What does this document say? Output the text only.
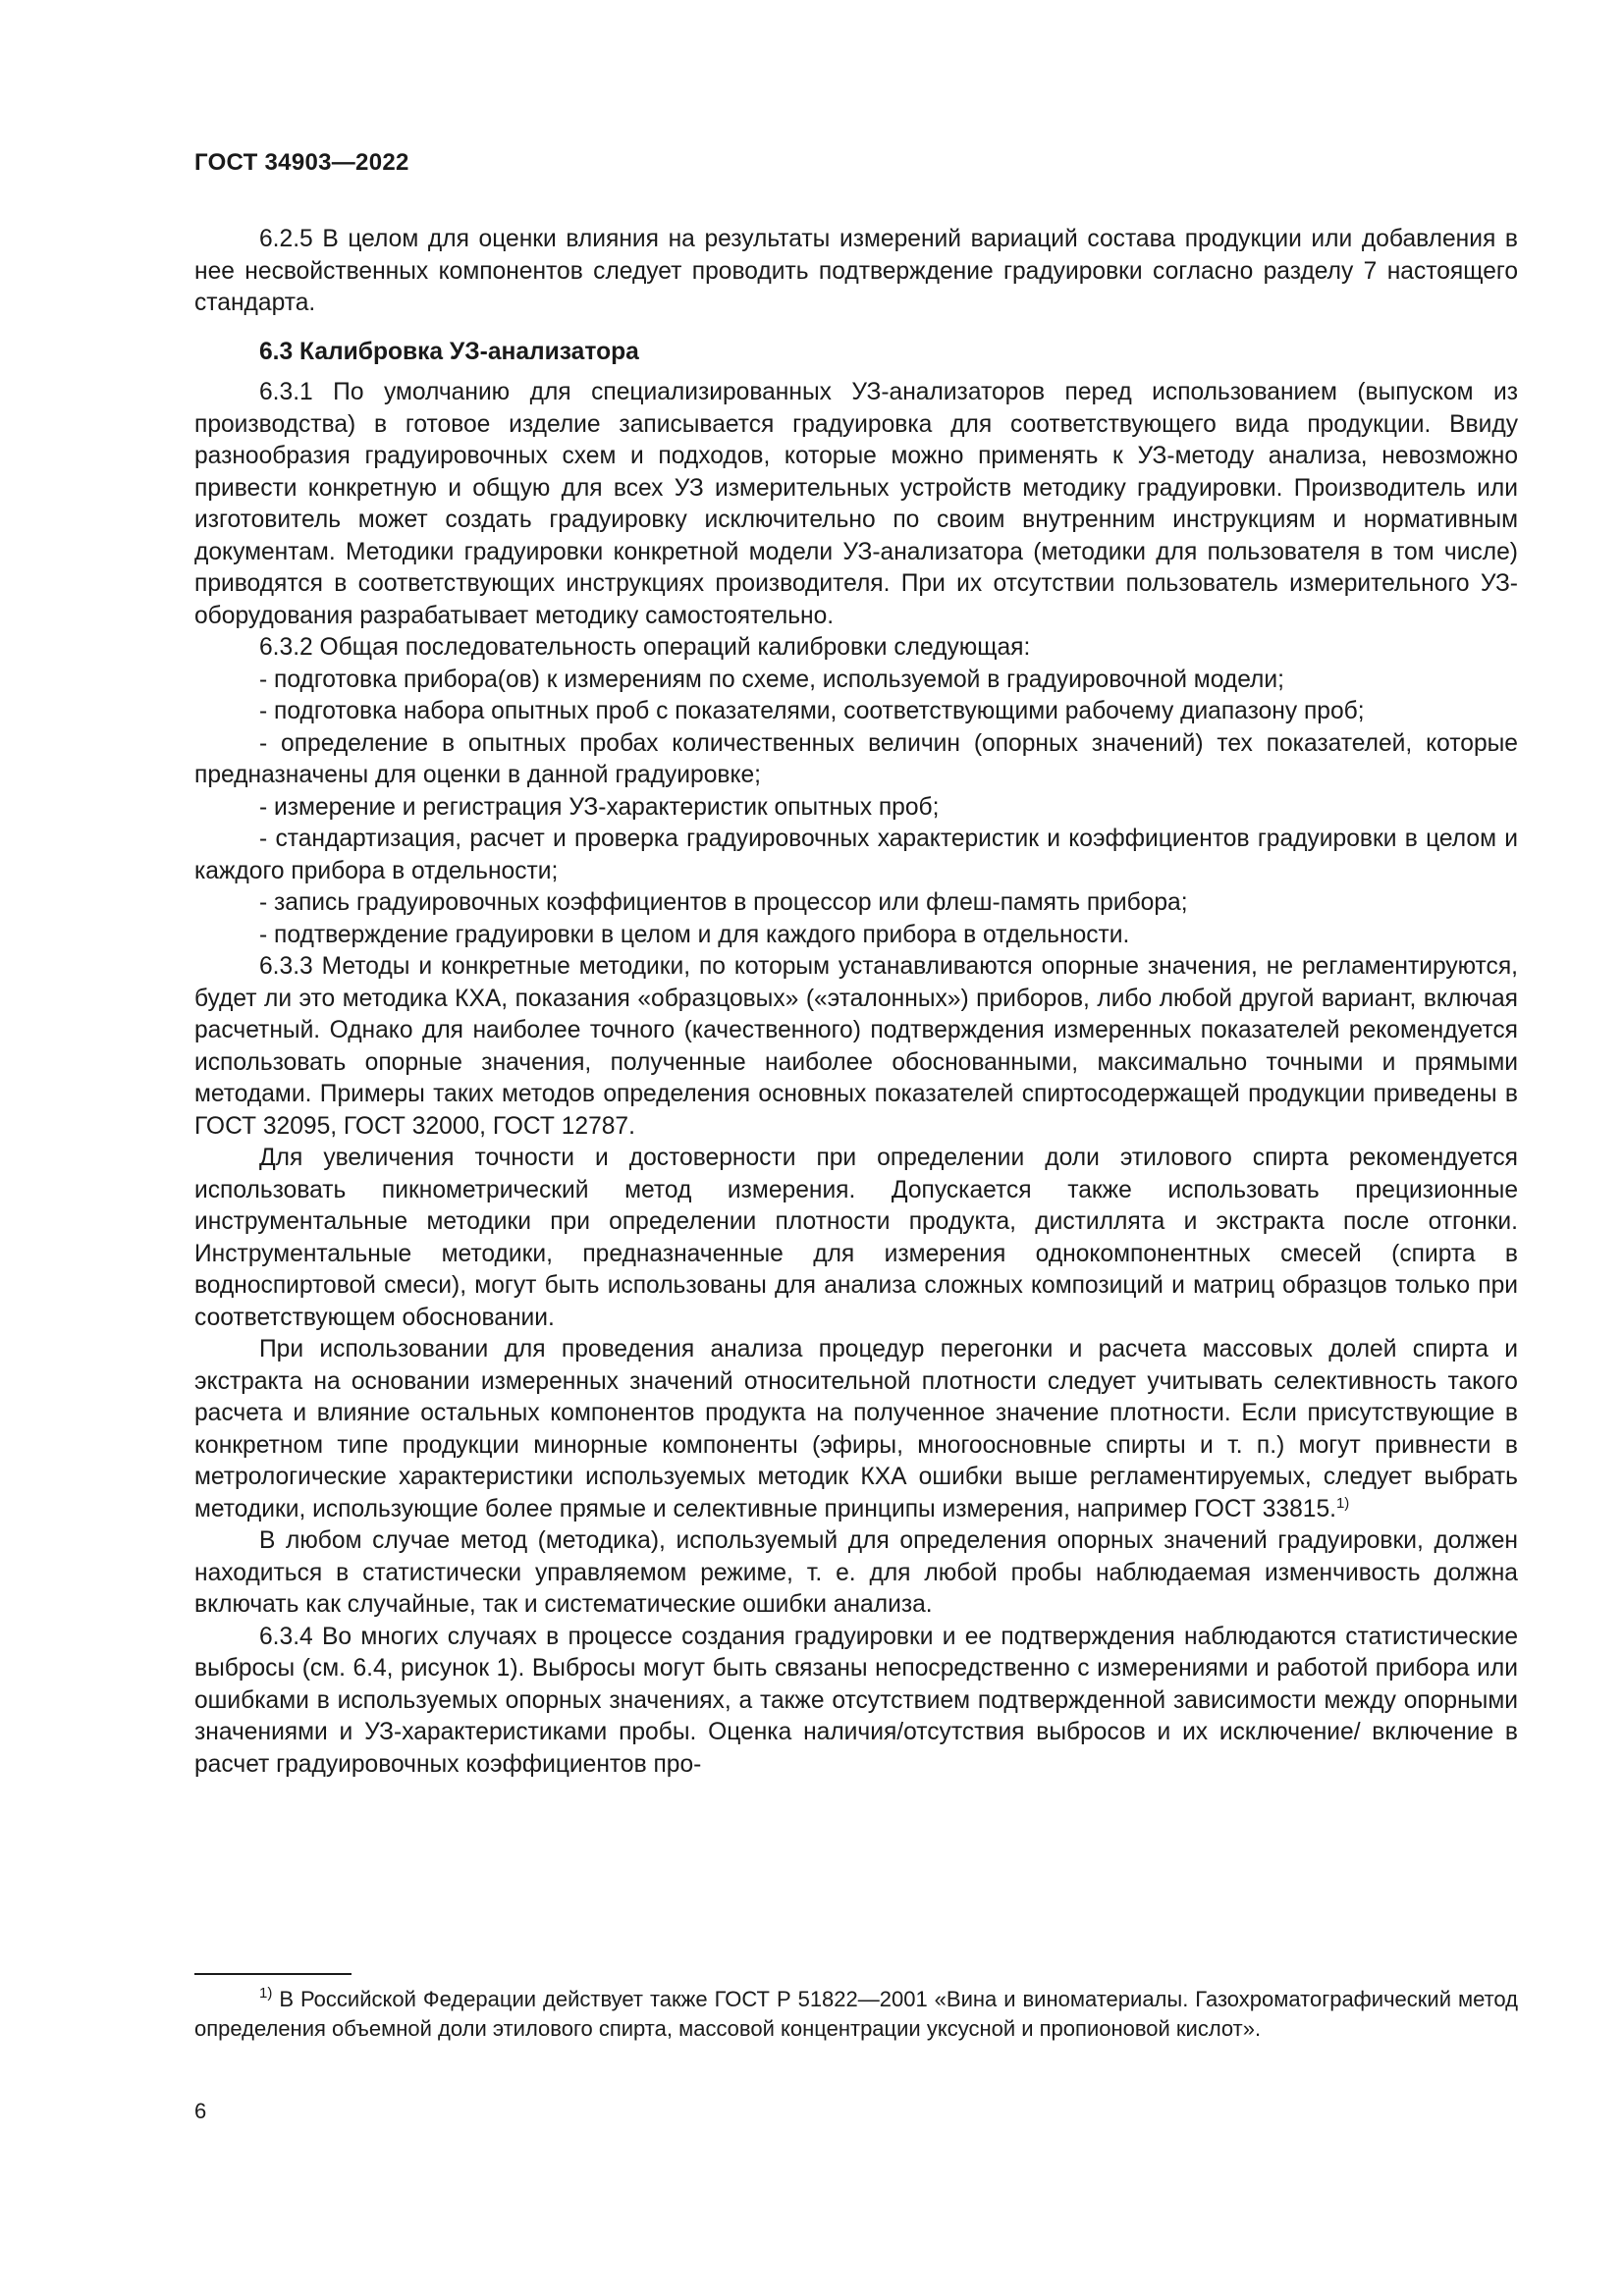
ГОСТ 34903—2022

6.2.5 В целом для оценки влияния на результаты измерений вариаций состава продукции или добавления в нее несвойственных компонентов следует проводить подтверждение градуировки согласно разделу 7 настоящего стандарта.

6.3 Калибровка УЗ-анализатора

6.3.1 По умолчанию для специализированных УЗ-анализаторов перед использованием (выпуском из производства) в готовое изделие записывается градуировка для соответствующего вида продукции. Ввиду разнообразия градуировочных схем и подходов, которые можно применять к УЗ-методу анализа, невозможно привести конкретную и общую для всех УЗ измерительных устройств методику градуировки. Производитель или изготовитель может создать градуировку исключительно по своим внутренним инструкциям и нормативным документам. Методики градуировки конкретной модели УЗ-анализатора (методики для пользователя в том числе) приводятся в соответствующих инструкциях производителя. При их отсутствии пользователь измерительного УЗ-оборудования разрабатывает методику самостоятельно.

6.3.2 Общая последовательность операций калибровки следующая:

- подготовка прибора(ов) к измерениям по схеме, используемой в градуировочной модели;

- подготовка набора опытных проб с показателями, соответствующими рабочему диапазону проб;

- определение в опытных пробах количественных величин (опорных значений) тех показателей, которые предназначены для оценки в данной градуировке;

- измерение и регистрация УЗ-характеристик опытных проб;

- стандартизация, расчет и проверка градуировочных характеристик и коэффициентов градуировки в целом и каждого прибора в отдельности;

- запись градуировочных коэффициентов в процессор или флеш-память прибора;

- подтверждение градуировки в целом и для каждого прибора в отдельности.

6.3.3 Методы и конкретные методики, по которым устанавливаются опорные значения, не регламентируются, будет ли это методика КХА, показания «образцовых» («эталонных») приборов, либо любой другой вариант, включая расчетный. Однако для наиболее точного (качественного) подтверждения измеренных показателей рекомендуется использовать опорные значения, полученные наиболее обоснованными, максимально точными и прямыми методами. Примеры таких методов определения основных показателей спиртосодержащей продукции приведены в ГОСТ 32095, ГОСТ 32000, ГОСТ 12787.

Для увеличения точности и достоверности при определении доли этилового спирта рекомендуется использовать пикнометрический метод измерения. Допускается также использовать прецизионные инструментальные методики при определении плотности продукта, дистиллята и экстракта после отгонки. Инструментальные методики, предназначенные для измерения однокомпонентных смесей (спирта в водноспиртовой смеси), могут быть использованы для анализа сложных композиций и матриц образцов только при соответствующем обосновании.

При использовании для проведения анализа процедур перегонки и расчета массовых долей спирта и экстракта на основании измеренных значений относительной плотности следует учитывать селективность такого расчета и влияние остальных компонентов продукта на полученное значение плотности. Если присутствующие в конкретном типе продукции минорные компоненты (эфиры, многоосновные спирты и т. п.) могут привнести в метрологические характеристики используемых методик КХА ошибки выше регламентируемых, следует выбрать методики, использующие более прямые и селективные принципы измерения, например ГОСТ 33815.$^{1)}$

В любом случае метод (методика), используемый для определения опорных значений градуировки, должен находиться в статистически управляемом режиме, т. е. для любой пробы наблюдаемая изменчивость должна включать как случайные, так и систематические ошибки анализа.

6.3.4 Во многих случаях в процессе создания градуировки и ее подтверждения наблюдаются статистические выбросы (см. 6.4, рисунок 1). Выбросы могут быть связаны непосредственно с измерениями и работой прибора или ошибками в используемых опорных значениях, а также отсутствием подтвержденной зависимости между опорными значениями и УЗ-характеристиками пробы. Оценка наличия/отсутствия выбросов и их исключение/ включение в расчет градуировочных коэффициентов про-

$^{1)}$ В Российской Федерации действует также ГОСТ Р 51822—2001 «Вина и виноматериалы. Газохроматографический метод определения объемной доли этилового спирта, массовой концентрации уксусной и пропионовой кислот».
6
